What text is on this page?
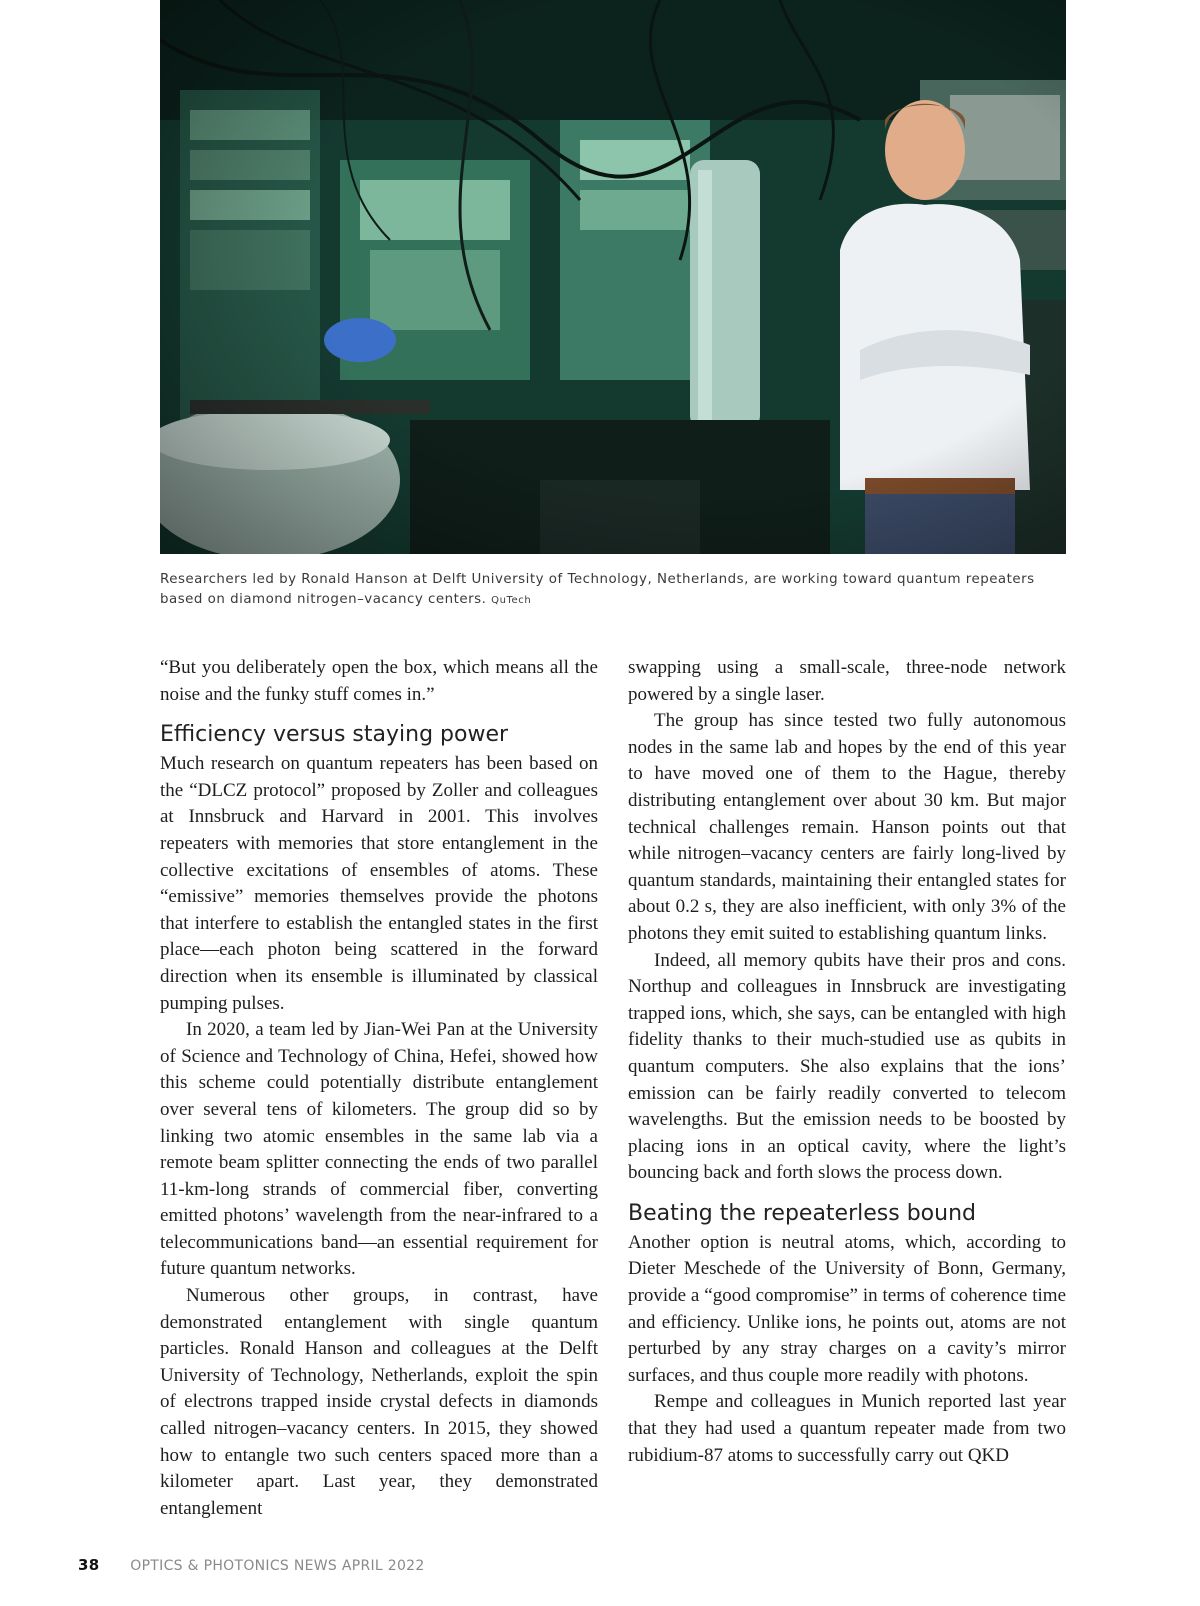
Researchers led by Ronald Hanson at Delft University of Technology, Netherlands, are working toward quantum repeaters based on diamond nitrogen–vacancy centers. QuTech

“But you deliberately open the box, which means all the noise and the funky stuff comes in.”

Efficiency versus staying power

Much research on quantum repeaters has been based on the “DLCZ protocol” proposed by Zoller and colleagues at Innsbruck and Harvard in 2001. This involves repeaters with memories that store entanglement in the collective excitations of ensembles of atoms. These “emissive” memories themselves provide the photons that interfere to establish the entangled states in the first place—each photon being scattered in the forward direction when its ensemble is illuminated by classical pumping pulses.

In 2020, a team led by Jian-Wei Pan at the University of Science and Technology of China, Hefei, showed how this scheme could potentially distribute entanglement over several tens of kilometers. The group did so by linking two atomic ensembles in the same lab via a remote beam splitter connecting the ends of two parallel 11-km-long strands of commercial fiber, converting emitted photons’ wavelength from the near-infrared to a telecommunications band—an essential requirement for future quantum networks.

Numerous other groups, in contrast, have demonstrated entanglement with single quantum particles. Ronald Hanson and colleagues at the Delft University of Technology, Netherlands, exploit the spin of electrons trapped inside crystal defects in diamonds called nitrogen–vacancy centers. In 2015, they showed how to entangle two such centers spaced more than a kilometer apart. Last year, they demonstrated entanglement

swapping using a small-scale, three-node network powered by a single laser.

The group has since tested two fully autonomous nodes in the same lab and hopes by the end of this year to have moved one of them to the Hague, thereby distributing entanglement over about 30 km. But major technical challenges remain. Hanson points out that while nitrogen–vacancy centers are fairly long-lived by quantum standards, maintaining their entangled states for about 0.2 s, they are also inefficient, with only 3% of the photons they emit suited to establishing quantum links.

Indeed, all memory qubits have their pros and cons. Northup and colleagues in Innsbruck are investigating trapped ions, which, she says, can be entangled with high fidelity thanks to their much-studied use as qubits in quantum computers. She also explains that the ions’ emission can be fairly readily converted to telecom wavelengths. But the emission needs to be boosted by placing ions in an optical cavity, where the light’s bouncing back and forth slows the process down.

Beating the repeaterless bound

Another option is neutral atoms, which, according to Dieter Meschede of the University of Bonn, Germany, provide a “good compromise” in terms of coherence time and efficiency. Unlike ions, he points out, atoms are not perturbed by any stray charges on a cavity’s mirror surfaces, and thus couple more readily with photons.

Rempe and colleagues in Munich reported last year that they had used a quantum repeater made from two rubidium-87 atoms to successfully carry out QKD

38 OPTICS & PHOTONICS NEWS APRIL 2022
